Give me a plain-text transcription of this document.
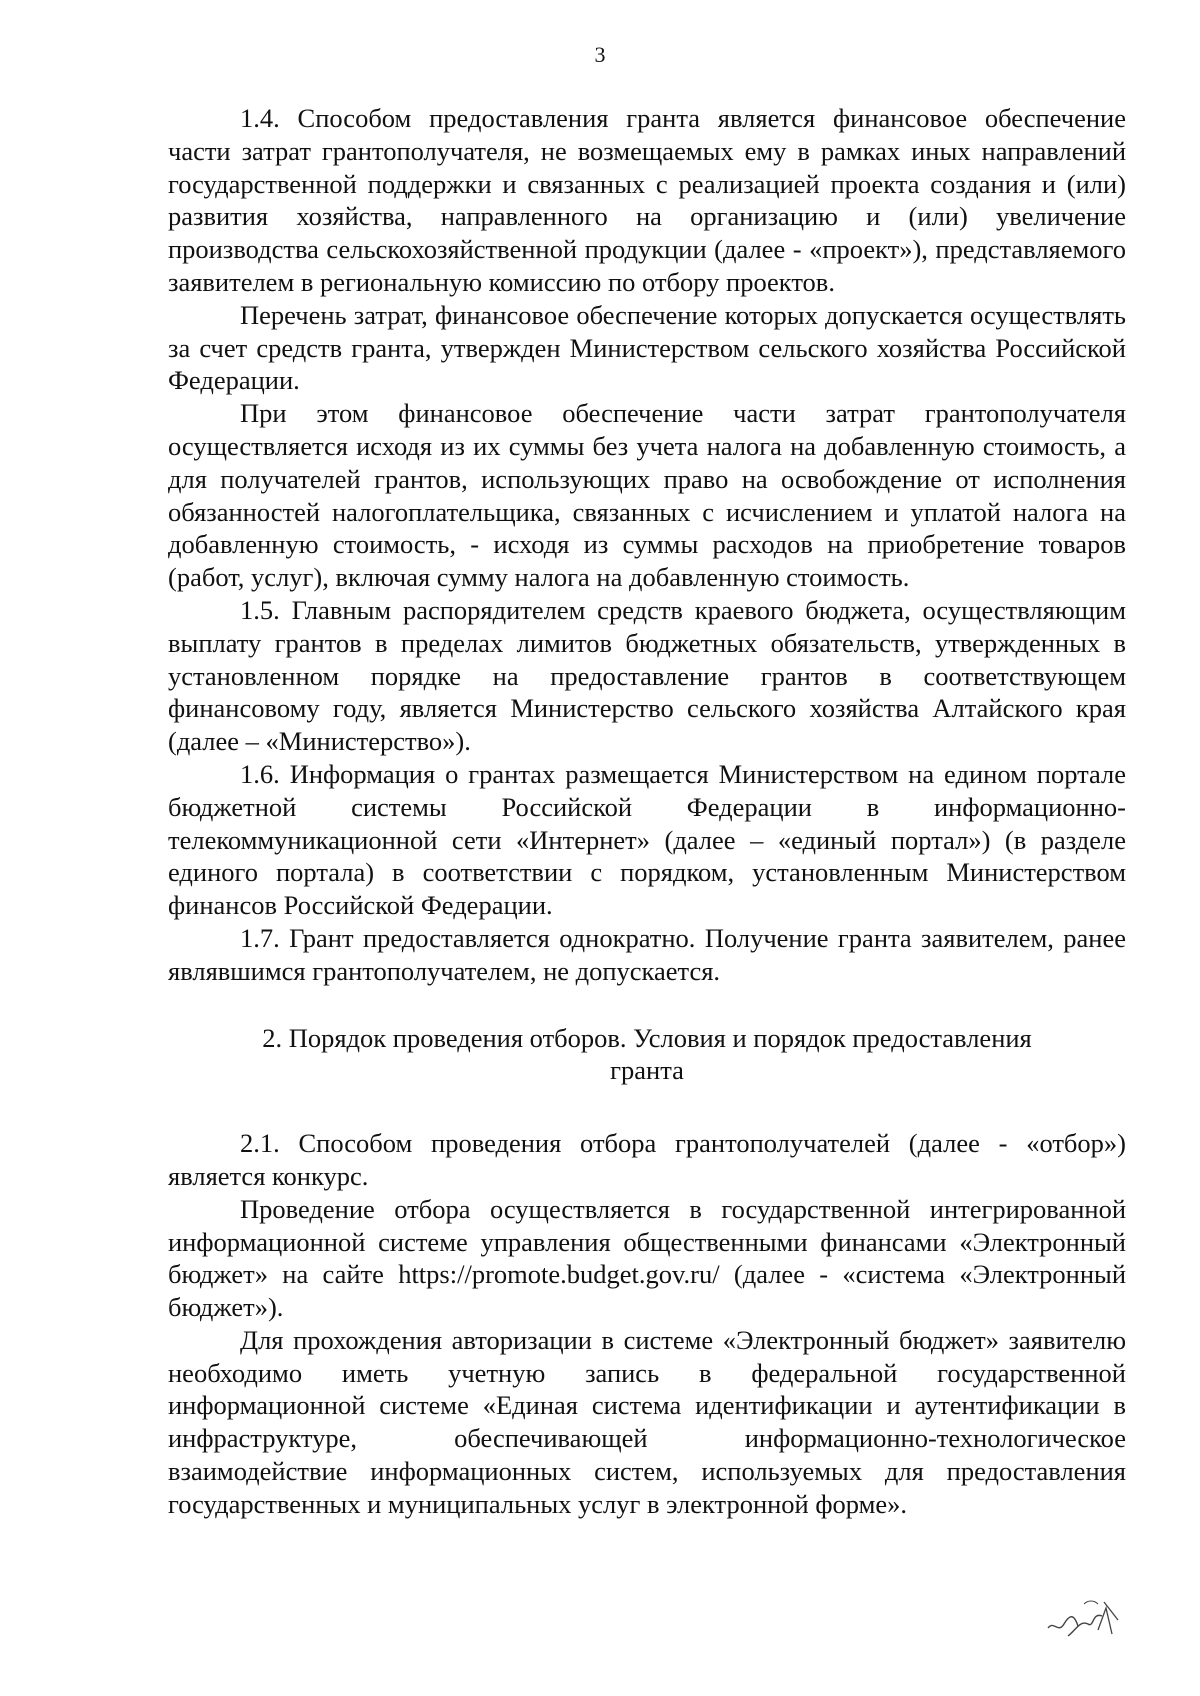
3

1.4. Способом предоставления гранта является финансовое обеспечение части затрат грантополучателя, не возмещаемых ему в рамках иных направлений государственной поддержки и связанных с реализацией проекта создания и (или) развития хозяйства, направленного на организацию и (или) увеличение производства сельскохозяйственной продукции (далее - «проект»), представляемого заявителем в региональную комиссию по отбору проектов.

Перечень затрат, финансовое обеспечение которых допускается осуществлять за счет средств гранта, утвержден Министерством сельского хозяйства Российской Федерации.

При этом финансовое обеспечение части затрат грантополучателя осуществляется исходя из их суммы без учета налога на добавленную стоимость, а для получателей грантов, использующих право на освобождение от исполнения обязанностей налогоплательщика, связанных с исчислением и уплатой налога на добавленную стоимость, - исходя из суммы расходов на приобретение товаров (работ, услуг), включая сумму налога на добавленную стоимость.

1.5. Главным распорядителем средств краевого бюджета, осуществляющим выплату грантов в пределах лимитов бюджетных обязательств, утвержденных в установленном порядке на предоставление грантов в соответствующем финансовому году, является Министерство сельского хозяйства Алтайского края (далее – «Министерство»).

1.6. Информация о грантах размещается Министерством на едином портале бюджетной системы Российской Федерации в информационно-телекоммуникационной сети «Интернет» (далее – «единый портал») (в разделе единого портала) в соответствии с порядком, установленным Министерством финансов Российской Федерации.

1.7. Грант предоставляется однократно. Получение гранта заявителем, ранее являвшимся грантополучателем, не допускается.

2. Порядок проведения отборов. Условия и порядок предоставления
гранта

2.1. Способом проведения отбора грантополучателей (далее - «отбор») является конкурс.

Проведение отбора осуществляется в государственной интегрированной информационной системе управления общественными финансами «Электронный бюджет» на сайте https://promote.budget.gov.ru/ (далее - «система «Электронный бюджет»).

Для прохождения авторизации в системе «Электронный бюджет» заявителю необходимо иметь учетную запись в федеральной государственной информационной системе «Единая система идентификации и аутентификации в инфраструктуре, обеспечивающей информационно-технологическое взаимодействие информационных систем, используемых для предоставления государственных и муниципальных услуг в электронной форме».
